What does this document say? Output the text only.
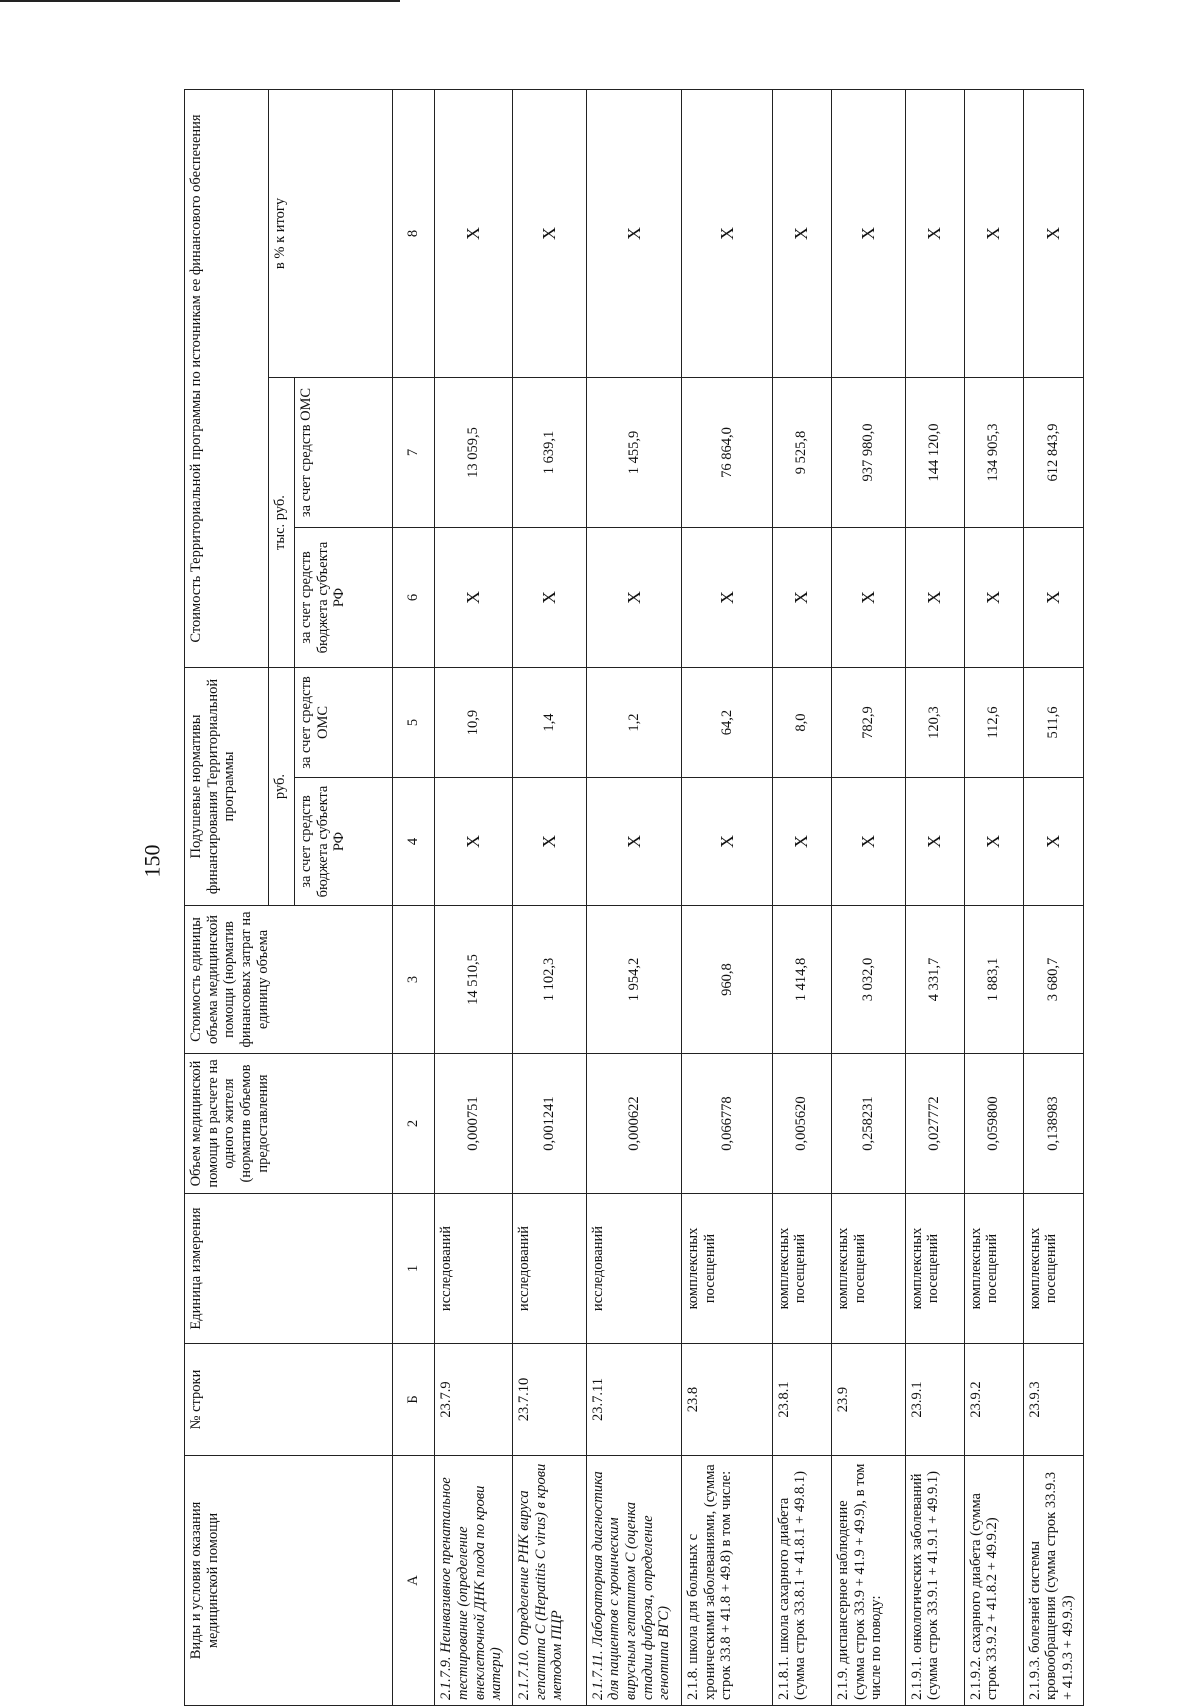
150
Виды и условия оказания медицинской помощи	№ строки	Единица измерения	Объем медицинской помощи в расчете на одного жителя (норматив объемов предоставления	Стоимость единицы объема медицинской помощи (норматив финансовых затрат на единицу объема	Подушевые нормативы финансирования Территориальной программы		Стоимость Территориальной программы по источникам ее финансового обеспечения		
					руб.		тыс. руб.		в % к итогу
					за счет средств бюджета субъекта РФ	за счет средств ОМС	за счет средств бюджета субъекта РФ	за счет средств ОМС	
А	Б	1	2	3	4	5	6	7	8
2.1.7.9. Неинвазивное пренатальное тестирование (определение внеклеточной ДНК плода по крови матери)	23.7.9	исследований	0,000751	14 510,5	Х	10,9	Х	13 059,5	Х
2.1.7.10. Определение РНК вируса гепатита С (Hepatitis C virus) в крови методом ПЦР	23.7.10	исследований	0,001241	1 102,3	Х	1,4	Х	1 639,1	Х
2.1.7.11. Лабораторная диагностика для пациентов с хроническим вирусным гепатитом С (оценка стадии фиброза, определение генотипа ВГС)	23.7.11	исследований	0,000622	1 954,2	Х	1,2	Х	1 455,9	Х
2.1.8. школа для больных с хроническими заболеваниями, (сумма строк 33.8 + 41.8 + 49.8) в том числе:	23.8	комплексных посещений	0,066778	960,8	Х	64,2	Х	76 864,0	Х
2.1.8.1. школа сахарного диабета (сумма строк 33.8.1 + 41.8.1 + 49.8.1)	23.8.1	комплексных посещений	0,005620	1 414,8	Х	8,0	Х	9 525,8	Х
2.1.9. диспансерное наблюдение (сумма строк 33.9 + 41.9 + 49.9), в том числе по поводу:	23.9	комплексных посещений	0,258231	3 032,0	Х	782,9	Х	937 980,0	Х
2.1.9.1. онкологических заболеваний (сумма строк 33.9.1 + 41.9.1 + 49.9.1)	23.9.1	комплексных посещений	0,027772	4 331,7	Х	120,3	Х	144 120,0	Х
2.1.9.2. сахарного диабета (сумма строк 33.9.2 + 41.8.2 + 49.9.2)	23.9.2	комплексных посещений	0,059800	1 883,1	Х	112,6	Х	134 905,3	Х
2.1.9.3. болезней системы кровообращения (сумма строк 33.9.3 + 41.9.3 + 49.9.3)	23.9.3	комплексных посещений	0,138983	3 680,7	Х	511,6	Х	612 843,9	Х
